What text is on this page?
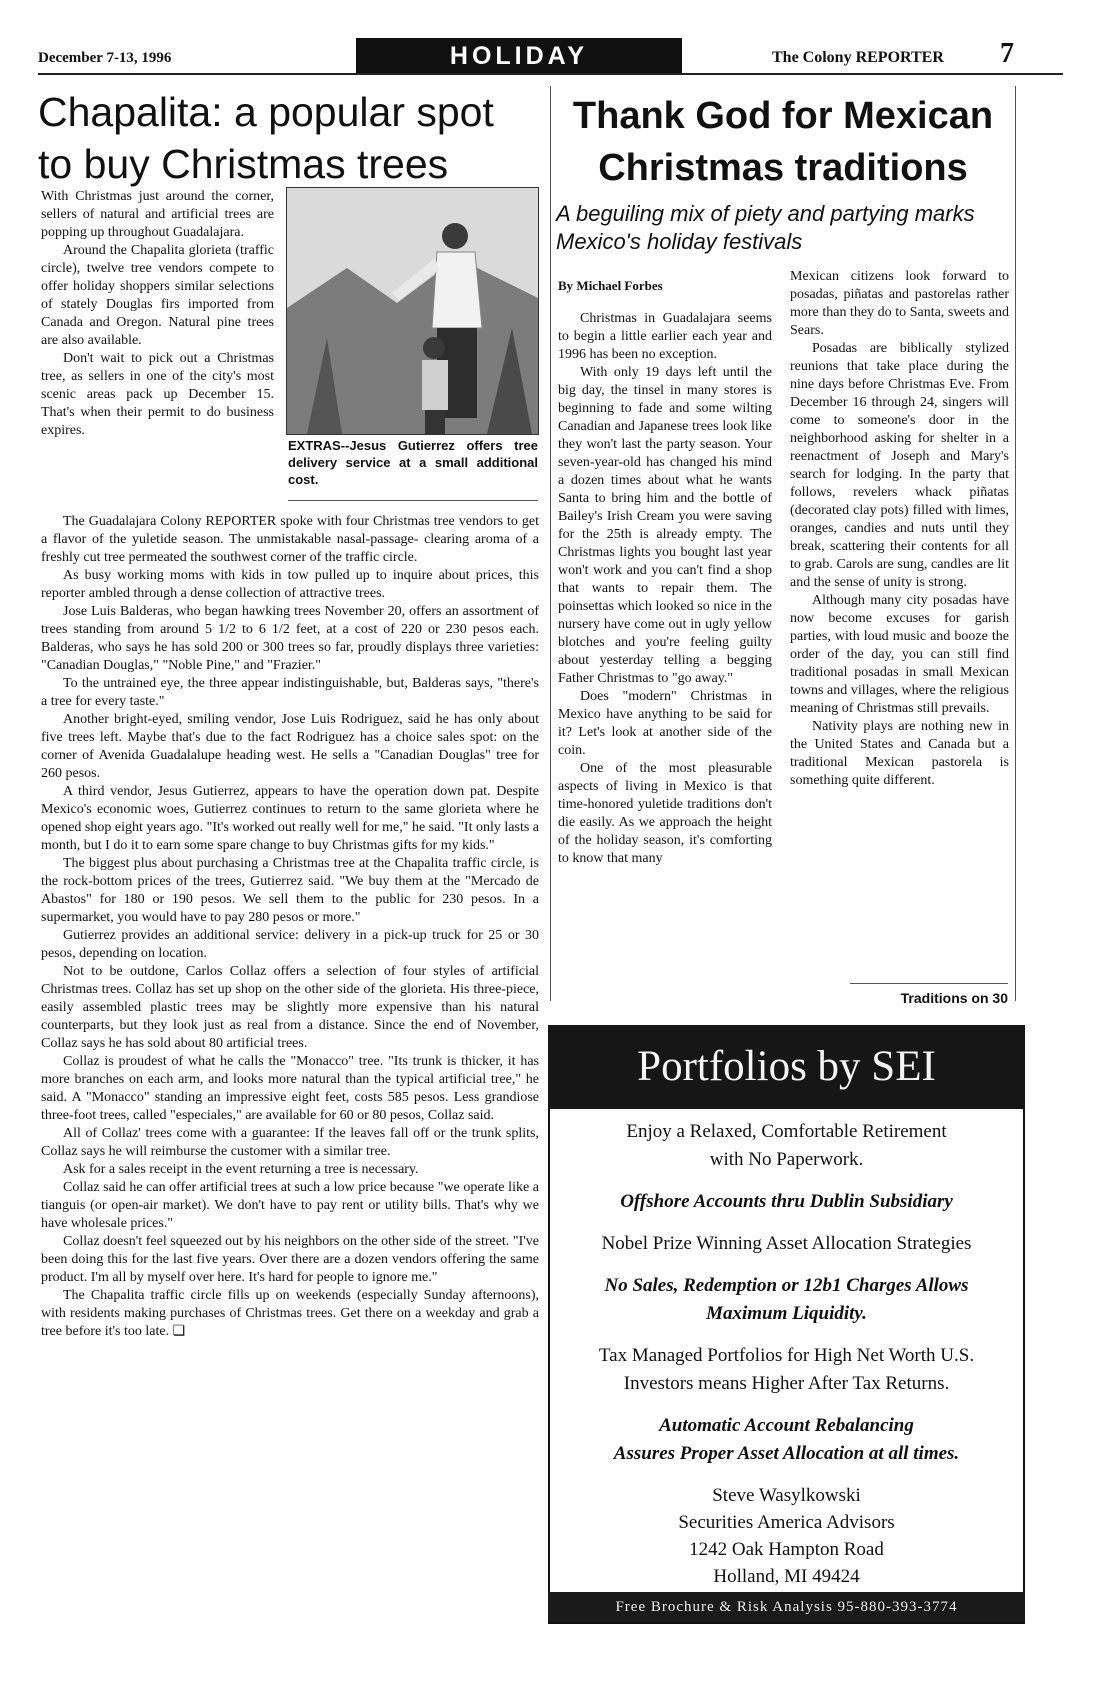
December 7-13, 1996	HOLIDAY	The Colony REPORTER 7
Chapalita: a popular spot to buy Christmas trees

With Christmas just around the corner, sellers of natural and artificial trees are popping up throughout Guadalajara.

Around the Chapalita glorieta (traffic circle), twelve tree vendors compete to offer holiday shoppers similar selections of stately Douglas firs imported from Canada and Oregon. Natural pine trees are also available.

Don't wait to pick out a Christmas tree, as sellers in one of the city's most scenic areas pack up December 15. That's when their permit to do business expires.

EXTRAS--Jesus Gutierrez offers tree delivery service at a small additional cost.

The Guadalajara Colony REPORTER spoke with four Christmas tree vendors to get a flavor of the yuletide season. The unmistakable nasal-passage- clearing aroma of a freshly cut tree permeated the southwest corner of the traffic circle.

As busy working moms with kids in tow pulled up to inquire about prices, this reporter ambled through a dense collection of attractive trees.

Jose Luis Balderas, who began hawking trees November 20, offers an assortment of trees standing from around 5 1/2 to 6 1/2 feet, at a cost of 220 or 230 pesos each. Balderas, who says he has sold 200 or 300 trees so far, proudly displays three varieties: "Canadian Douglas," "Noble Pine," and "Frazier."

To the untrained eye, the three appear indistinguishable, but, Balderas says, "there's a tree for every taste."

Another bright-eyed, smiling vendor, Jose Luis Rodriguez, said he has only about five trees left. Maybe that's due to the fact Rodriguez has a choice sales spot: on the corner of Avenida Guadalalupe heading west. He sells a "Canadian Douglas" tree for 260 pesos.

A third vendor, Jesus Gutierrez, appears to have the operation down pat. Despite Mexico's economic woes, Gutierrez continues to return to the same glorieta where he opened shop eight years ago. "It's worked out really well for me," he said. "It only lasts a month, but I do it to earn some spare change to buy Christmas gifts for my kids."

The biggest plus about purchasing a Christmas tree at the Chapalita traffic circle, is the rock-bottom prices of the trees, Gutierrez said. "We buy them at the "Mercado de Abastos" for 180 or 190 pesos. We sell them to the public for 230 pesos. In a supermarket, you would have to pay 280 pesos or more."

Gutierrez provides an additional service: delivery in a pick-up truck for 25 or 30 pesos, depending on location.

Not to be outdone, Carlos Collaz offers a selection of four styles of artificial Christmas trees. Collaz has set up shop on the other side of the glorieta. His three-piece, easily assembled plastic trees may be slightly more expensive than his natural counterparts, but they look just as real from a distance. Since the end of November, Collaz says he has sold about 80 artificial trees.

Collaz is proudest of what he calls the "Monacco" tree. "Its trunk is thicker, it has more branches on each arm, and looks more natural than the typical artificial tree," he said. A "Monacco" standing an impressive eight feet, costs 585 pesos. Less grandiose three-foot trees, called "especiales," are available for 60 or 80 pesos, Collaz said.

All of Collaz' trees come with a guarantee: If the leaves fall off or the trunk splits, Collaz says he will reimburse the customer with a similar tree.

Ask for a sales receipt in the event returning a tree is necessary.

Collaz said he can offer artificial trees at such a low price because "we operate like a tianguis (or open-air market). We don't have to pay rent or utility bills. That's why we have wholesale prices."

Collaz doesn't feel squeezed out by his neighbors on the other side of the street. "I've been doing this for the last five years. Over there are a dozen vendors offering the same product. I'm all by myself over here. It's hard for people to ignore me."

The Chapalita traffic circle fills up on weekends (especially Sunday afternoons), with residents making purchases of Christmas trees. Get there on a weekday and grab a tree before it's too late. ❏

Thank God for Mexican Christmas traditions
A beguiling mix of piety and partying marks Mexico's holiday festivals
By Michael Forbes

Christmas in Guadalajara seems to begin a little earlier each year and 1996 has been no exception.

With only 19 days left until the big day, the tinsel in many stores is beginning to fade and some wilting Canadian and Japanese trees look like they won't last the party season. Your seven-year-old has changed his mind a dozen times about what he wants Santa to bring him and the bottle of Bailey's Irish Cream you were saving for the 25th is already empty. The Christmas lights you bought last year won't work and you can't find a shop that wants to repair them. The poinsettas which looked so nice in the nursery have come out in ugly yellow blotches and you're feeling guilty about yesterday telling a begging Father Christmas to "go away."

Does "modern" Christmas in Mexico have anything to be said for it? Let's look at another side of the coin.

One of the most pleasurable aspects of living in Mexico is that time-honored yuletide traditions don't die easily. As we approach the height of the holiday season, it's comforting to know that many

Mexican citizens look forward to posadas, piñatas and pastorelas rather more than they do to Santa, sweets and Sears.

Posadas are biblically stylized reunions that take place during the nine days before Christmas Eve. From December 16 through 24, singers will come to someone's door in the neighborhood asking for shelter in a reenactment of Joseph and Mary's search for lodging. In the party that follows, revelers whack piñatas (decorated clay pots) filled with limes, oranges, candies and nuts until they break, scattering their contents for all to grab. Carols are sung, candles are lit and the sense of unity is strong.

Although many city posadas have now become excuses for garish parties, with loud music and booze the order of the day, you can still find traditional posadas in small Mexican towns and villages, where the religious meaning of Christmas still prevails.

Nativity plays are nothing new in the United States and Canada but a traditional Mexican pastorela is something quite different.

Traditions on 30
Portfolios by SEI
Enjoy a Relaxed, Comfortable Retirement
with No Paperwork.
Offshore Accounts thru Dublin Subsidiary
Nobel Prize Winning Asset Allocation Strategies
No Sales, Redemption or 12b1 Charges Allows
Maximum Liquidity.
Tax Managed Portfolios for High Net Worth U.S.
Investors means Higher After Tax Returns.
Automatic Account Rebalancing
Assures Proper Asset Allocation at all times.
Steve Wasylkowski
Securities America Advisors
1242 Oak Hampton Road
Holland, MI 49424
Free Brochure & Risk Analysis 95-880-393-3774
